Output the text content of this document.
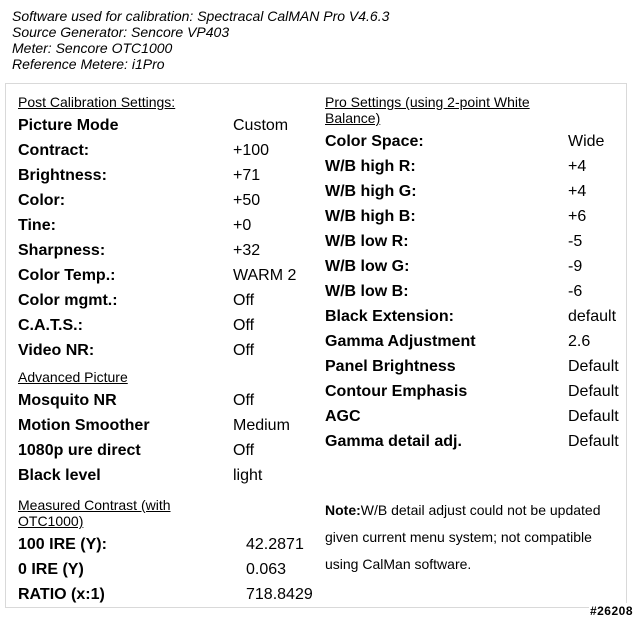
Software used for calibration: Spectracal CalMAN Pro V4.6.3
Source Generator: Sencore VP403
Meter: Sencore OTC1000
Reference Metere: i1Pro
Post Calibration Settings:
Picture Mode	Custom
Contract:	+100
Brightness:	+71
Color:	+50
Tine:	+0
Sharpness:	+32
Color Temp.:	WARM 2
Color mgmt.:	Off
C.A.T.S.:	Off
Video NR:	Off
Advanced Picture
Mosquito NR	Off
Motion Smoother	Medium
1080p ure direct	Off
Black level	light
Measured Contrast (with
OTC1000)
100 IRE (Y):	42.2871
0 IRE (Y)	0.063
RATIO (x:1)	718.8429
Pro Settings (using 2-point White
Balance)
Color Space:	Wide
W/B high R:	+4
W/B high G:	+4
W/B high B:	+6
W/B low R:	-5
W/B low G:	-9
W/B low B:	-6
Black Extension:	default
Gamma Adjustment	2.6
Panel Brightness	Default
Contour Emphasis	Default
AGC	Default
Gamma detail adj.	Default
Note:W/B detail adjust could not be updated given current menu system; not compatible using CalMan software.
#26208
